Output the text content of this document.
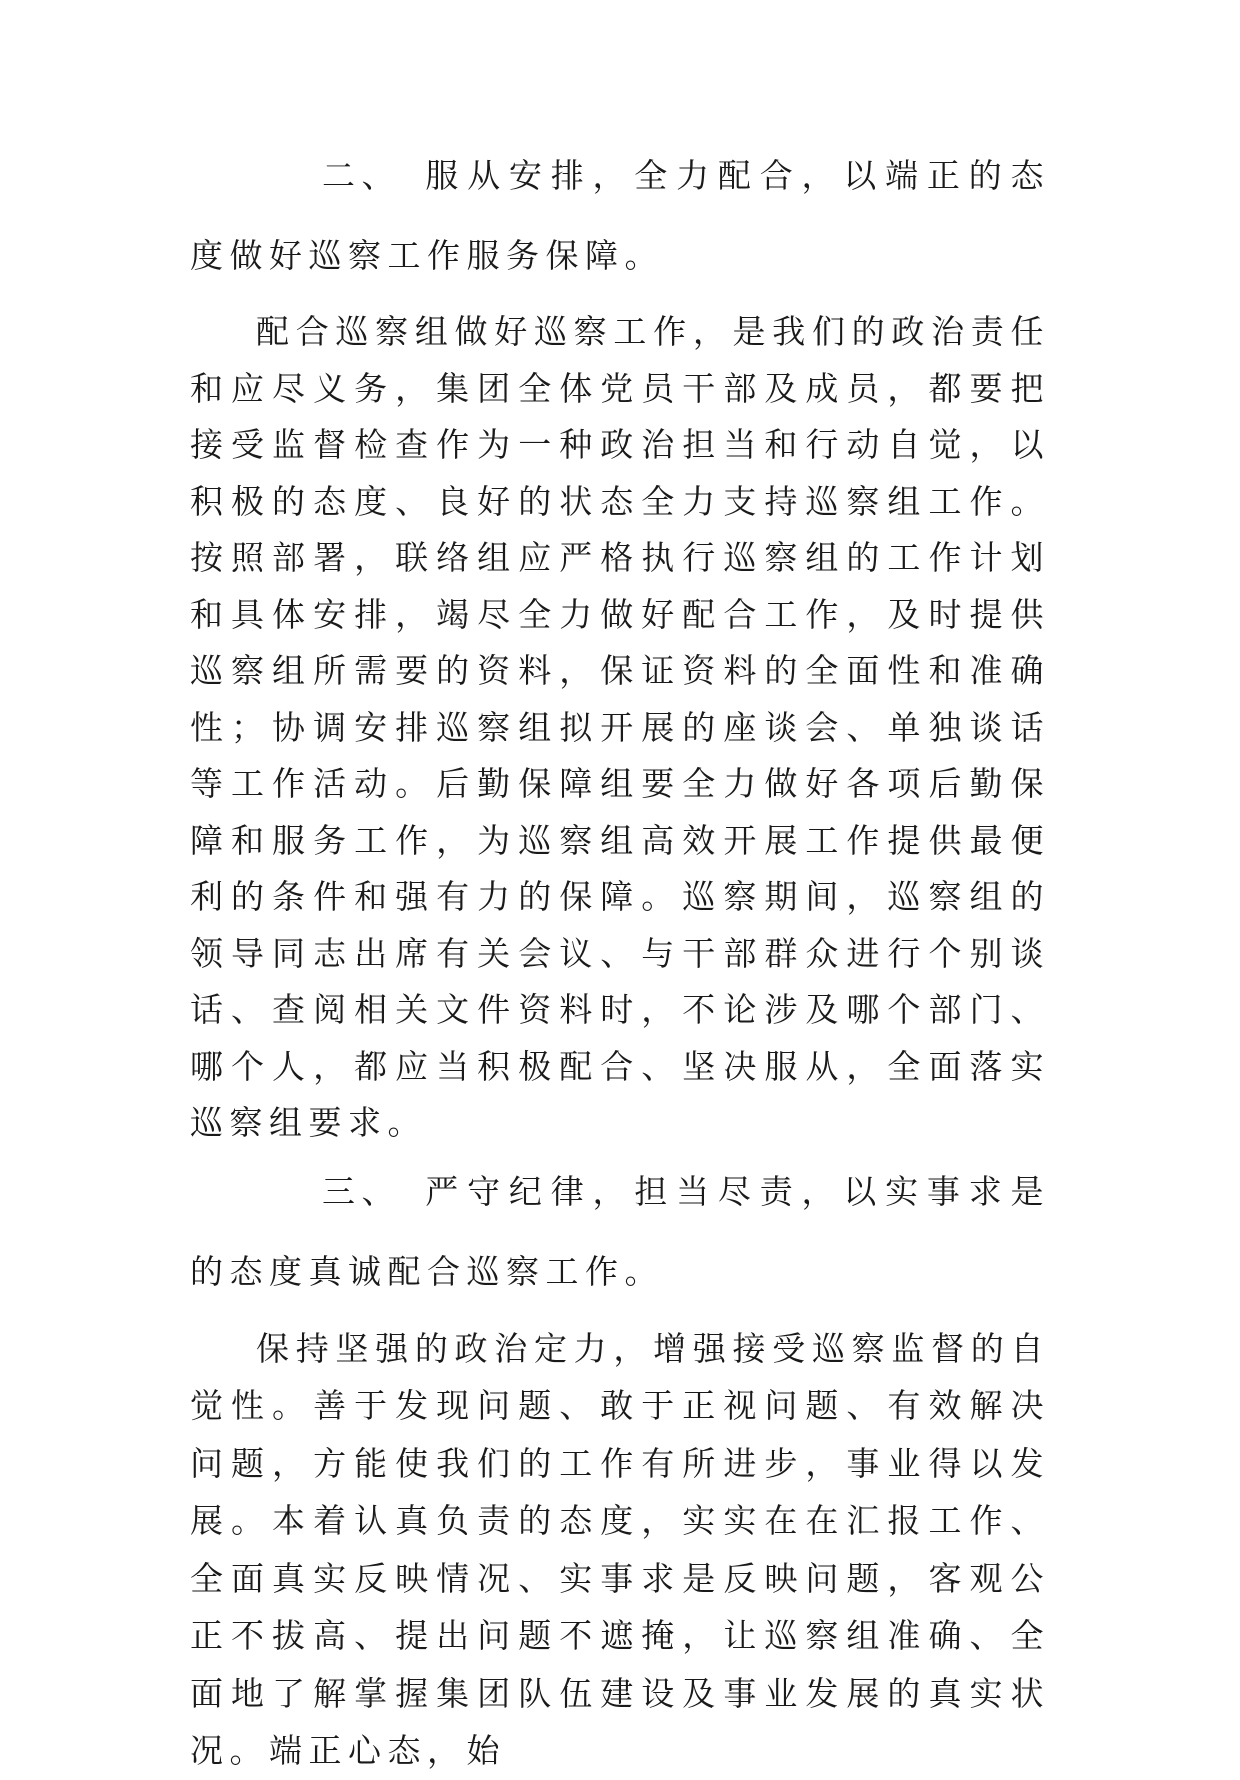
二、 服从安排，全力配合，以端正的态度做好巡察工作服务保障。

配合巡察组做好巡察工作，是我们的政治责任和应尽义务，集团全体党员干部及成员，都要把接受监督检查作为一种政治担当和行动自觉，以积极的态度、良好的状态全力支持巡察组工作。按照部署，联络组应严格执行巡察组的工作计划和具体安排，竭尽全力做好配合工作，及时提供巡察组所需要的资料，保证资料的全面性和准确性；协调安排巡察组拟开展的座谈会、单独谈话等工作活动。后勤保障组要全力做好各项后勤保障和服务工作，为巡察组高效开展工作提供最便利的条件和强有力的保障。巡察期间，巡察组的领导同志出席有关会议、与干部群众进行个别谈话、查阅相关文件资料时，不论涉及哪个部门、哪个人，都应当积极配合、坚决服从，全面落实巡察组要求。

三、 严守纪律，担当尽责，以实事求是的态度真诚配合巡察工作。

保持坚强的政治定力，增强接受巡察监督的自觉性。善于发现问题、敢于正视问题、有效解决问题，方能使我们的工作有所进步，事业得以发展。本着认真负责的态度，实实在在汇报工作、全面真实反映情况、实事求是反映问题，客观公正不拔高、提出问题不遮掩，让巡察组准确、全面地了解掌握集团队伍建设及事业发展的真实状况。端正心态，始
